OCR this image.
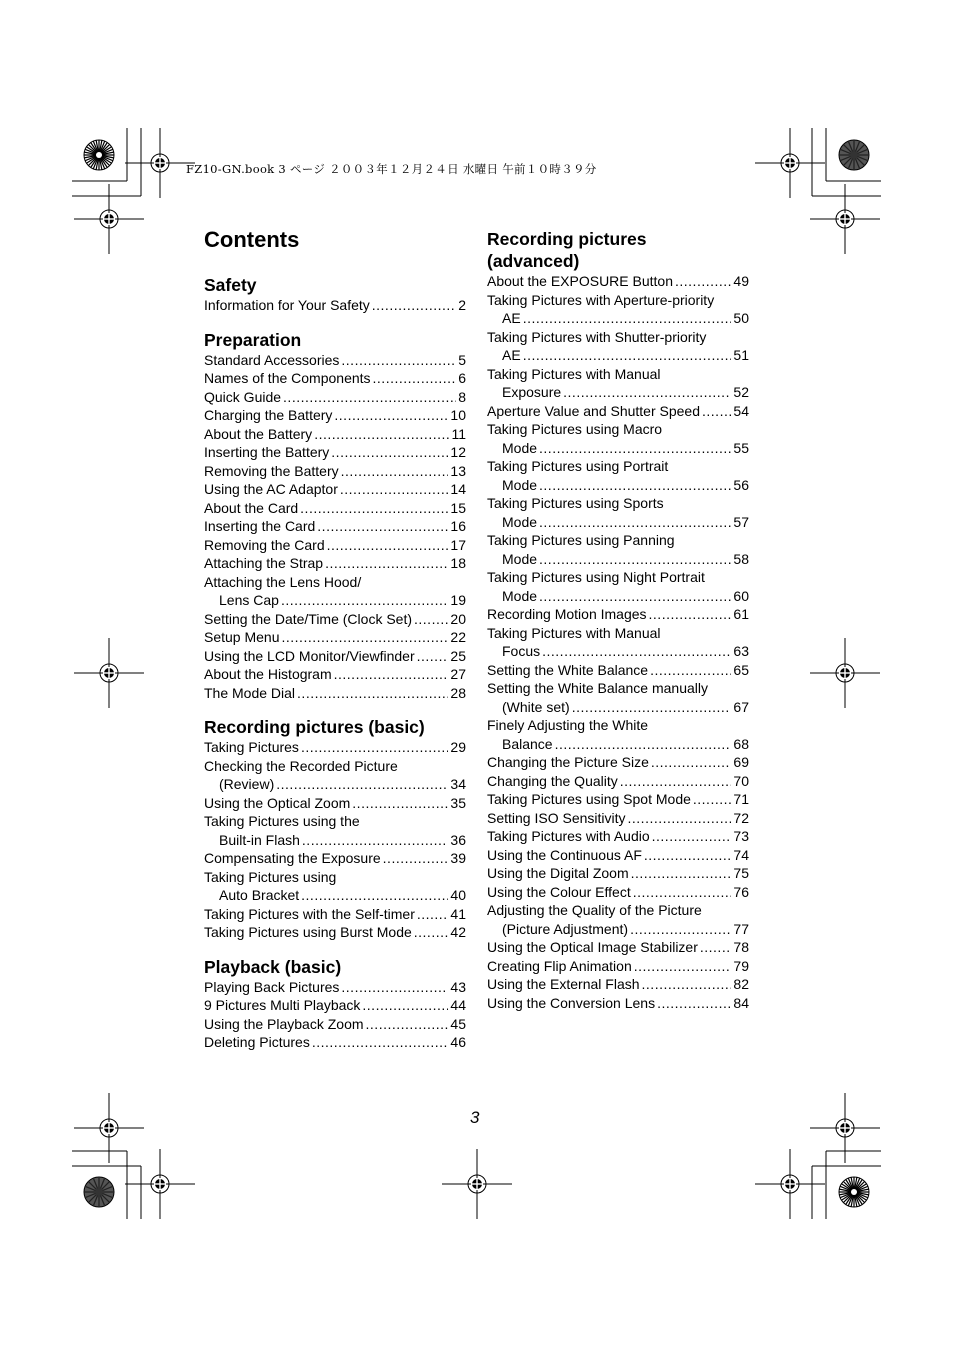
FZ10-GN.book 3 ページ ２００３年１２月２４日 水曜日 午前１０時３９分
Contents
Safety
Information for Your Safety .....	2
Preparation
Standard Accessories .....	5
Names of the Components .....	6
Quick Guide .....	8
Charging the Battery .....	10
About the Battery .....	11
Inserting the Battery .....	12
Removing the Battery .....	13
Using the AC Adaptor .....	14
About the Card .....	15
Inserting the Card .....	16
Removing the Card .....	17
Attaching the Strap .....	18
Attaching the Lens Hood/
Lens Cap .....	19
Setting the Date/Time (Clock Set) .....	20
Setup Menu .....	22
Using the LCD Monitor/Viewfinder .....	25
About the Histogram .....	27
The Mode Dial .....	28
Recording pictures (basic)
Taking Pictures .....	29
Checking the Recorded Picture
(Review) .....	34
Using the Optical Zoom .....	35
Taking Pictures using the
Built-in Flash .....	36
Compensating the Exposure .....	39
Taking Pictures using
Auto Bracket .....	40
Taking Pictures with the Self-timer .....	41
Taking Pictures using Burst Mode .....	42
Playback (basic)
Playing Back Pictures .....	43
9 Pictures Multi Playback .....	44
Using the Playback Zoom .....	45
Deleting Pictures .....	46
Recording pictures
(advanced)
About the EXPOSURE Button .....	49
Taking Pictures with Aperture-priority
AE .....	50
Taking Pictures with Shutter-priority
AE .....	51
Taking Pictures with Manual
Exposure .....	52
Aperture Value and Shutter Speed ..... 54
Taking Pictures using Macro
Mode .....	55
Taking Pictures using Portrait
Mode .....	56
Taking Pictures using Sports
Mode .....	57
Taking Pictures using Panning
Mode .....	58
Taking Pictures using Night Portrait
Mode .....	60
Recording Motion Images .....	61
Taking Pictures with Manual
Focus .....	63
Setting the White Balance .....	65
Setting the White Balance manually
(White set) .....	67
Finely Adjusting the White
Balance .....	68
Changing the Picture Size .....	69
Changing the Quality .....	70
Taking Pictures using Spot Mode .....	71
Setting ISO Sensitivity .....	72
Taking Pictures with Audio .....	73
Using the Continuous AF .....	74
Using the Digital Zoom .....	75
Using the Colour Effect .....	76
Adjusting the Quality of the Picture
(Picture Adjustment) .....	77
Using the Optical Image Stabilizer .....	78
Creating Flip Animation .....	79
Using the External Flash .....	82
Using the Conversion Lens .....	84
3
